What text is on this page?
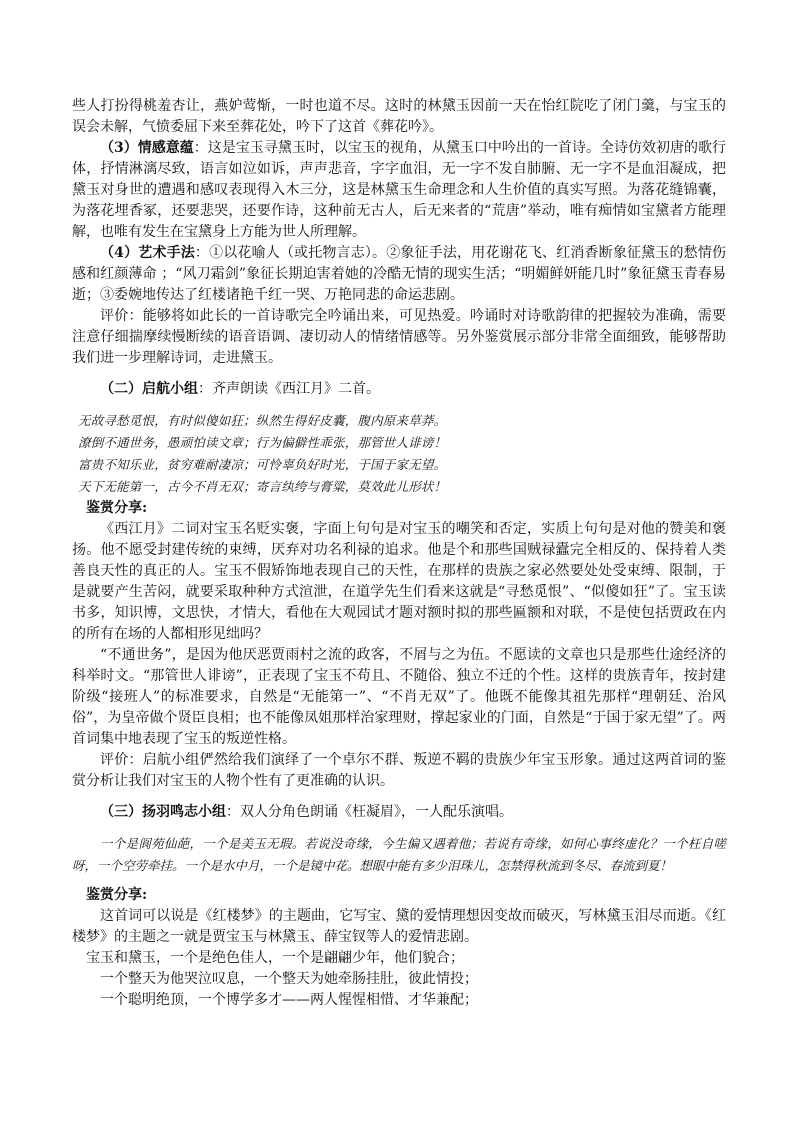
些人打扮得桃羞杏让，燕妒莺惭，一时也道不尽。这时的林黛玉因前一天在怡红院吃了闭门羹，与宝玉的误会未解，气愤委屈下来至葬花处，吟下了这首《葬花吟》。

（3）情感意蕴：这是宝玉寻黛玉时，以宝玉的视角，从黛玉口中吟出的一首诗。全诗仿效初唐的歌行体，抒情淋漓尽致，语言如泣如诉，声声悲音，字字血泪，无一字不发自肺腑、无一字不是血泪凝成，把黛玉对身世的遭遇和感叹表现得入木三分，这是林黛玉生命理念和人生价值的真实写照。为落花缝锦囊，为落花埋香冢，还要悲哭，还要作诗，这种前无古人，后无来者的“荒唐”举动，唯有痴情如宝黛者方能理解，也唯有发生在宝黛身上方能为世人所理解。

（4）艺术手法：①以花喻人（或托物言志）。②象征手法，用花谢花飞、红消香断象征黛玉的愁情伤感和红颜薄命 ；“风刀霜剑”象征长期迫害着她的冷酷无情的现实生活；“明媚鲜妍能几时”象征黛玉青春易逝；③委婉地传达了红楼诸艳千红一哭、万艳同悲的命运悲剧。

评价：能够将如此长的一首诗歌完全吟诵出来，可见热爱。吟诵时对诗歌韵律的把握较为准确，需要注意仔细揣摩续慢断续的语音语调、凄切动人的情绪情感等。另外鉴赏展示部分非常全面细致，能够帮助我们进一步理解诗词，走进黛玉。

（二）启航小组：齐声朗读《西江月》二首。

无故寻愁觅恨，有时似傻如狂；纵然生得好皮囊，腹内原来草莽。

潦倒不通世务，愚顽怕读文章；行为偏僻性乖张，那管世人诽谤！

富贵不知乐业，贫穷难耐凄凉；可怜辜负好时光，于国于家无望。

天下无能第一，古今不肖无双；寄言纨绔与膏粱，莫效此儿形状！

鉴赏分享:

《西江月》二词对宝玉名贬实褒，字面上句句是对宝玉的嘲笑和否定，实质上句句是对他的赞美和褒扬。他不愿受封建传统的束缚，厌弃对功名利禄的追求。他是个和那些国贼禄蠹完全相反的、保持着人类善良天性的真正的人。宝玉不假矫饰地表现自己的天性，在那样的贵族之家必然要处处受束缚、限制，于是就要产生苦闷，就要采取种种方式渲泄，在道学先生们看来这就是“寻愁觅恨”、“似傻如狂”了。宝玉读书多，知识博，文思快，才情大，看他在大观园试才题对额时拟的那些匾额和对联，不是使包括贾政在内的所有在场的人都相形见绌吗？

“不通世务”，是因为他厌恶贾雨村之流的政客，不屑与之为伍。不愿读的文章也只是那些仕途经济的科举时文。“那管世人诽谤”，正表现了宝玉不苟且、不随俗、独立不迁的个性。这样的贵族青年，按封建阶级“接班人”的标准要求，自然是“无能第一”、“不肖无双”了。他既不能像其祖先那样“理朝廷、治风俗”，为皇帝做个贤臣良相；也不能像凤姐那样治家理财，撑起家业的门面，自然是“于国于家无望”了。两首词集中地表现了宝玉的叛逆性格。

评价：启航小组俨然给我们演绎了一个卓尔不群、叛逆不羁的贵族少年宝玉形象。通过这两首词的鉴赏分析让我们对宝玉的人物个性有了更准确的认识。

（三）扬羽鸣志小组：双人分角色朗诵《枉凝眉》，一人配乐演唱。

一个是阆苑仙葩，一个是美玉无瑕。若说没奇缘，今生偏又遇着他；若说有奇缘，如何心事终虚化？一个枉自嗟呀，一个空劳牵挂。一个是水中月，一个是镜中花。想眼中能有多少泪珠儿，怎禁得秋流到冬尽、春流到夏！

鉴赏分享:

这首词可以说是《红楼梦》的主题曲，它写宝、黛的爱情理想因变故而破灭，写林黛玉泪尽而逝。《红楼梦》的主题之一就是贾宝玉与林黛玉、薛宝钗等人的爱情悲剧。

宝玉和黛玉，一个是绝色佳人，一个是翩翩少年，他们貌合；

一个整天为他哭泣叹息，一个整天为她牵肠挂肚，彼此情投；

一个聪明绝顶，一个博学多才——两人惺惺相惜、才华兼配；
